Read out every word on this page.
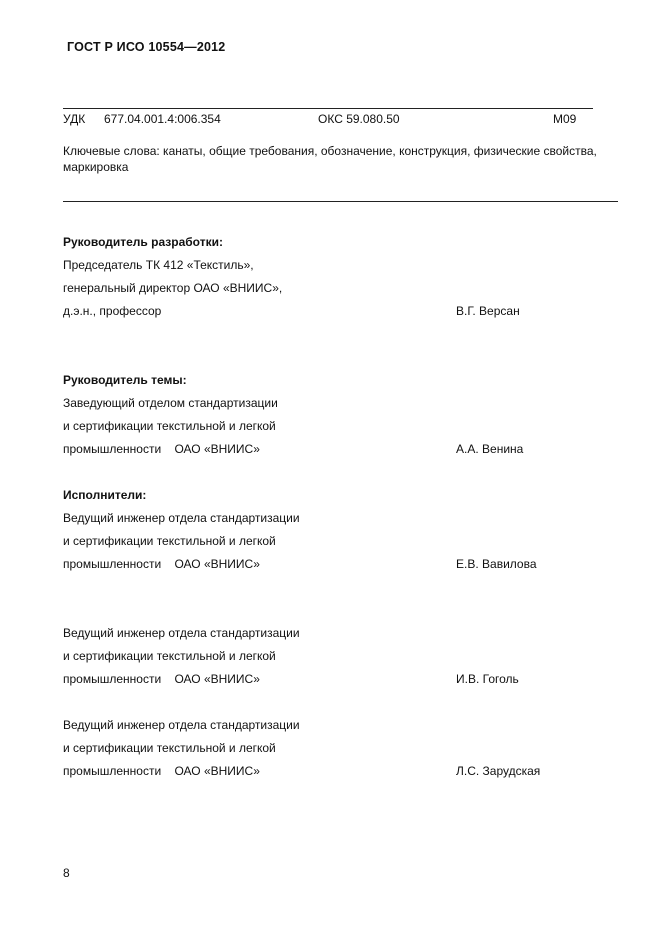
ГОСТ Р ИСО 10554—2012
УДК 677.04.001.4:006.354	ОКС 59.080.50	М09
Ключевые слова: канаты, общие требования, обозначение, конструкция, физические свойства, маркировка
Руководитель разработки:
Председатель ТК 412 «Текстиль»,
генеральный директор ОАО «ВНИИС»,
д.э.н., профессор	В.Г. Версан
Руководитель темы:
Заведующий отделом стандартизации
и сертификации текстильной и легкой
промышленности    ОАО «ВНИИС»	А.А. Венина
Исполнители:
Ведущий инженер отдела стандартизации
и сертификации текстильной и легкой
промышленности    ОАО «ВНИИС»	Е.В. Вавилова
Ведущий инженер отдела стандартизации
и сертификации текстильной и легкой
промышленности    ОАО «ВНИИС»	И.В. Гоголь
Ведущий инженер отдела стандартизации
и сертификации текстильной и легкой
промышленности    ОАО «ВНИИС»	Л.С. Зарудская
8
